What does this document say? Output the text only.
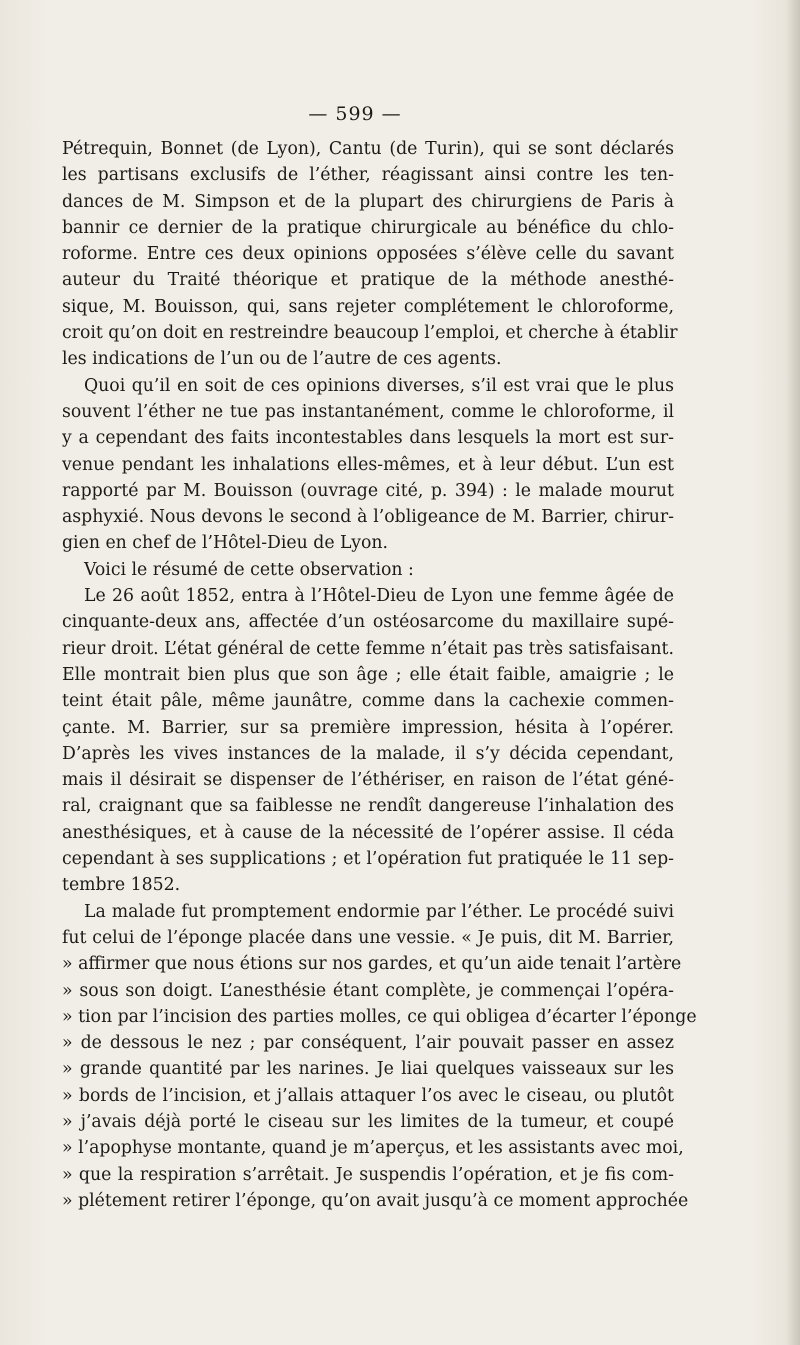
— 599 —
Pétrequin, Bonnet (de Lyon), Cantu (de Turin), qui se sont déclarés
les partisans exclusifs de l’éther, réagissant ainsi contre les ten-
dances de M. Simpson et de la plupart des chirurgiens de Paris à
bannir ce dernier de la pratique chirurgicale au bénéfice du chlo-
roforme. Entre ces deux opinions opposées s’élève celle du savant
auteur du Traité théorique et pratique de la méthode anesthé-
sique, M. Bouisson, qui, sans rejeter complétement le chloroforme,
croit qu’on doit en restreindre beaucoup l’emploi, et cherche à établir
les indications de l’un ou de l’autre de ces agents.
Quoi qu’il en soit de ces opinions diverses, s’il est vrai que le plus
souvent l’éther ne tue pas instantanément, comme le chloroforme, il
y a cependant des faits incontestables dans lesquels la mort est sur-
venue pendant les inhalations elles-mêmes, et à leur début. L’un est
rapporté par M. Bouisson (ouvrage cité, p. 394) : le malade mourut
asphyxié. Nous devons le second à l’obligeance de M. Barrier, chirur-
gien en chef de l’Hôtel-Dieu de Lyon.
Voici le résumé de cette observation :
Le 26 août 1852, entra à l’Hôtel-Dieu de Lyon une femme âgée de
cinquante-deux ans, affectée d’un ostéosarcome du maxillaire supé-
rieur droit. L’état général de cette femme n’était pas très satisfaisant.
Elle montrait bien plus que son âge ; elle était faible, amaigrie ; le
teint était pâle, même jaunâtre, comme dans la cachexie commen-
çante. M. Barrier, sur sa première impression, hésita à l’opérer.
D’après les vives instances de la malade, il s’y décida cependant,
mais il désirait se dispenser de l’éthériser, en raison de l’état géné-
ral, craignant que sa faiblesse ne rendît dangereuse l’inhalation des
anesthésiques, et à cause de la nécessité de l’opérer assise. Il céda
cependant à ses supplications ; et l’opération fut pratiquée le 11 sep-
tembre 1852.
La malade fut promptement endormie par l’éther. Le procédé suivi
fut celui de l’éponge placée dans une vessie. « Je puis, dit M. Barrier,
» affirmer que nous étions sur nos gardes, et qu’un aide tenait l’artère
» sous son doigt. L’anesthésie étant complète, je commençai l’opéra-
» tion par l’incision des parties molles, ce qui obligea d’écarter l’éponge
» de dessous le nez ; par conséquent, l’air pouvait passer en assez
» grande quantité par les narines. Je liai quelques vaisseaux sur les
» bords de l’incision, et j’allais attaquer l’os avec le ciseau, ou plutôt
» j’avais déjà porté le ciseau sur les limites de la tumeur, et coupé
» l’apophyse montante, quand je m’aperçus, et les assistants avec moi,
» que la respiration s’arrêtait. Je suspendis l’opération, et je fis com-
» plétement retirer l’éponge, qu’on avait jusqu’à ce moment approchée
